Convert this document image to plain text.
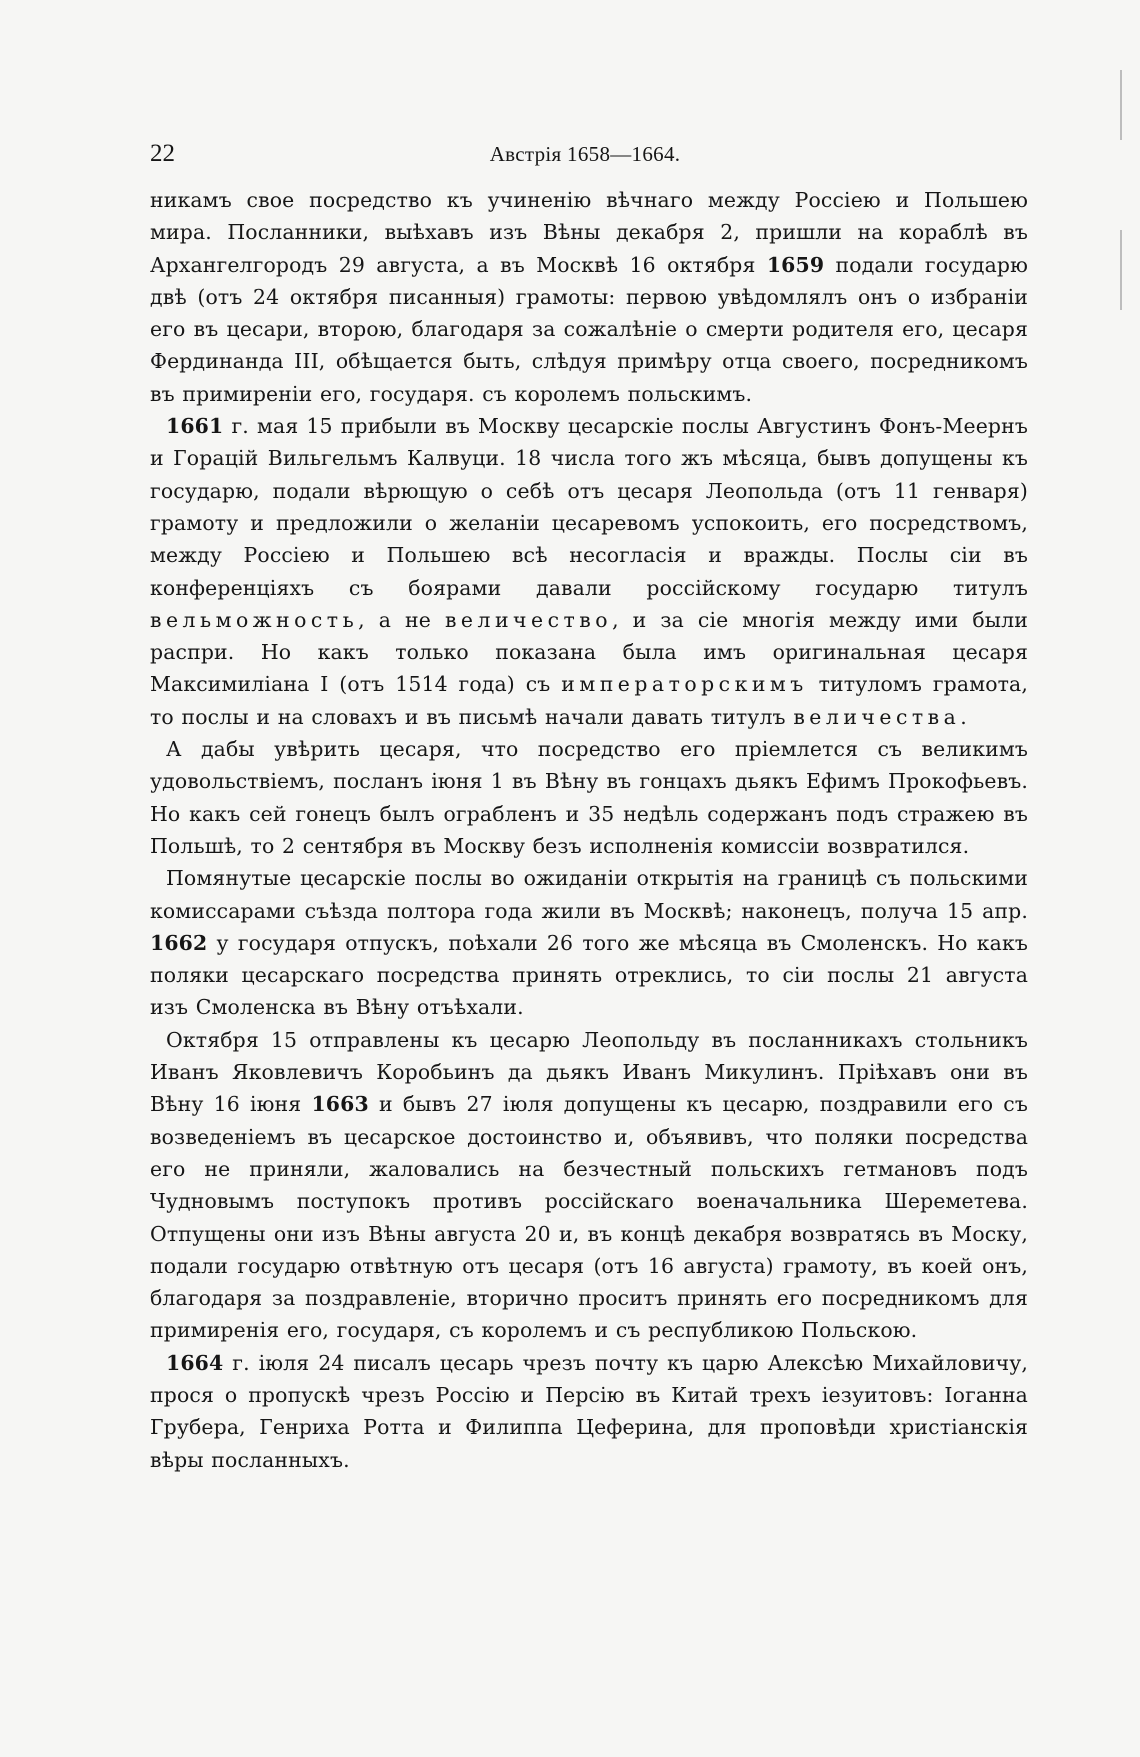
22	Австрія 1658—1664.

никамъ свое посредство къ учиненію вѣчнаго между Россіею и Польшею мира. Посланники, выѣхавъ изъ Вѣны декабря 2, пришли на кораблѣ въ Архангелгородъ 29 августа, а въ Москвѣ 16 октября 1659 подали государю двѣ (отъ 24 октября писанныя) грамоты: первою увѣдомлялъ онъ о избраніи его въ цесари, второю, благодаря за сожалѣніе о смерти родителя его, цесаря Фердинанда III, обѣщается быть, слѣдуя примѣру отца своего, посредникомъ въ примиреніи его, государя. съ королемъ польскимъ.

1661 г. мая 15 прибыли въ Москву цесарскіе послы Августинъ Фонъ-Меернъ и Горацій Вильгельмъ Калвуци. 18 числа того жъ мѣсяца, бывъ допущены къ государю, подали вѣрющую о себѣ отъ цесаря Леопольда (отъ 11 генваря) грамоту и предложили о желаніи цесаревомъ успокоить, его посредствомъ, между Россіею и Польшею всѣ несогласія и вражды. Послы сіи въ конференціяхъ съ боярами давали россійскому государю титулъ вельможность, а не величество, и за сіе многія между ими были распри. Но какъ только показана была имъ оригинальная цесаря Максимиліана I (отъ 1514 года) съ императорскимъ титуломъ грамота, то послы и на словахъ и въ письмѣ начали давать титулъ величества.

А дабы увѣрить цесаря, что посредство его пріемлется съ великимъ удовольствіемъ, посланъ іюня 1 въ Вѣну въ гонцахъ дьякъ Ефимъ Прокофьевъ. Но какъ сей гонецъ былъ ограбленъ и 35 недѣль содержанъ подъ стражею въ Польшѣ, то 2 сентября въ Москву безъ исполненія комиссіи возвратился.

Помянутые цесарскіе послы во ожиданіи открытія на границѣ съ польскими комиссарами съѣзда полтора года жили въ Москвѣ; наконецъ, получа 15 апр. 1662 у государя отпускъ, поѣхали 26 того же мѣсяца въ Смоленскъ. Но какъ поляки цесарскаго посредства принять отреклись, то сіи послы 21 августа изъ Смоленска въ Вѣну отъѣхали.

Октября 15 отправлены къ цесарю Леопольду въ посланникахъ стольникъ Иванъ Яковлевичъ Коробьинъ да дьякъ Иванъ Микулинъ. Пріѣхавъ они въ Вѣну 16 іюня 1663 и бывъ 27 іюля допущены къ цесарю, поздравили его съ возведеніемъ въ цесарское достоинство и, объявивъ, что поляки посредства его не приняли, жаловались на безчестный польскихъ гетмановъ подъ Чудновымъ поступокъ противъ россійскаго военачальника Шереметева. Отпущены они изъ Вѣны августа 20 и, въ концѣ декабря возвратясь въ Моску, подали государю отвѣтную отъ цесаря (отъ 16 августа) грамоту, въ коей онъ, благодаря за поздравленіе, вторично проситъ принять его посредникомъ для примиренія его, государя, съ королемъ и съ республикою Польскою.

1664 г. іюля 24 писалъ цесарь чрезъ почту къ царю Алексѣю Михайловичу, прося о пропускѣ чрезъ Россію и Персію въ Китай трехъ іезуитовъ: Іоганна Грубера, Генриха Ротта и Филиппа Цеферина, для проповѣди христіанскія вѣры посланныхъ.
